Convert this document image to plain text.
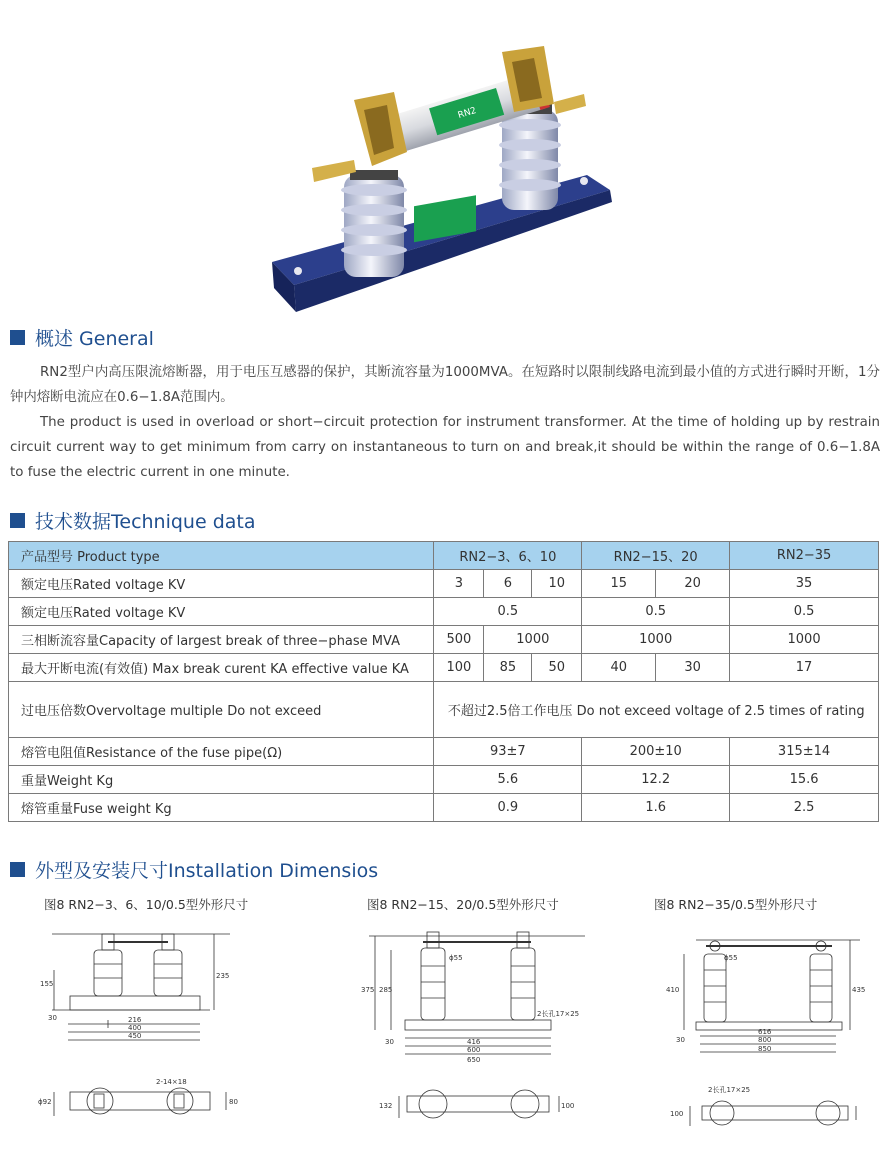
RN2
概述 General

RN2型户内高压限流熔断器，用于电压互感器的保护，其断流容量为1000MVA。在短路时以限制线路电流到最小值的方式进行瞬时开断，1分钟内熔断电流应在0.6−1.8A范围内。

The product is used in overload or short−circuit protection for instrument transformer. At the time of holding up by restrain circuit current way to get minimum from carry on instantaneous to turn on and break,it should be within the range of 0.6−1.8A to fuse the electric current in one minute.

技术数据Technique data
产品型号 Product type	RN2−3、6、10			RN2−15、20		RN2−35
额定电压Rated voltage KV	3	6	10	15	20	35
额定电压Rated voltage KV	0.5			0.5		0.5
三相断流容量Capacity of largest break of three−phase MVA	500	1000		1000		1000
最大开断电流(有效值) Max break curent KA effective value KA	100	85	50	40	30	17
过电压倍数Overvoltage multiple Do not exceed	不超过2.5倍工作电压 Do not exceed voltage of 2.5 times of rating					
熔管电阻值Resistance of the fuse pipe(Ω)	93±7			200±10		315±14
重量Weight Kg	5.6			12.2		15.6
熔管重量Fuse weight Kg	0.9			1.6		2.5
外型及安装尺寸Installation Dimensios
图8 RN2−3、6、10/0.5型外形尺寸	图8 RN2−15、20/0.5型外形尺寸	图8 RN2−35/0.5型外形尺寸
155
235
30	216
400
450
2-14×18
ϕ92	80
ϕ55
375 285
30
2长孔17×25
416
600
650
132	100
ϕ55
410	435
30
616
800
850
2长孔17×25
100
